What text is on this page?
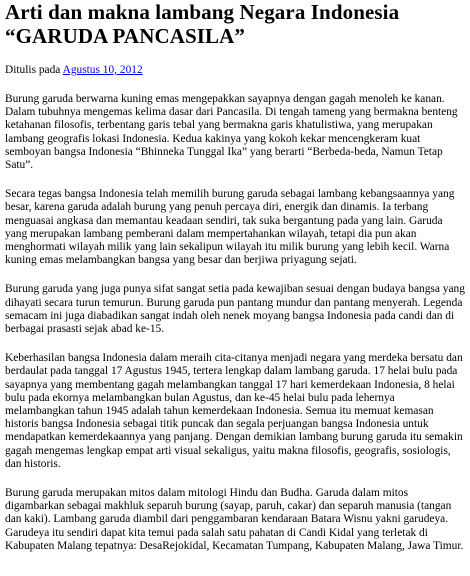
Arti dan makna lambang Negara Indonesia “GARUDA PANCASILA”
Ditulis pada Agustus 10, 2012

Burung garuda berwarna kuning emas mengepakkan sayapnya dengan gagah menoleh ke kanan. Dalam tubuhnya mengemas kelima dasar dari Pancasila. Di tengah tameng yang bermakna benteng ketahanan filosofis, terbentang garis tebal yang bermakna garis khatulistiwa, yang merupakan lambang geografis lokasi Indonesia. Kedua kakinya yang kokoh kekar mencengkeram kuat semboyan bangsa Indonesia “Bhinneka Tunggal Ika” yang berarti “Berbeda-beda, Namun Tetap Satu”.

Secara tegas bangsa Indonesia telah memilih burung garuda sebagai lambang kebangsaannya yang besar, karena garuda adalah burung yang penuh percaya diri, energik dan dinamis. Ia terbang menguasai angkasa dan memantau keadaan sendiri, tak suka bergantung pada yang lain. Garuda yang merupakan lambang pemberani dalam mempertahankan wilayah, tetapi dia pun akan menghormati wilayah milik yang lain sekalipun wilayah itu milik burung yang lebih kecil. Warna kuning emas melambangkan bangsa yang besar dan berjiwa priyagung sejati.

Burung garuda yang juga punya sifat sangat setia pada kewajiban sesuai dengan budaya bangsa yang dihayati secara turun temurun. Burung garuda pun pantang mundur dan pantang menyerah. Legenda semacam ini juga diabadikan sangat indah oleh nenek moyang bangsa Indonesia pada candi dan di berbagai prasasti sejak abad ke-15.

Keberhasilan bangsa Indonesia dalam meraih cita-citanya menjadi negara yang merdeka bersatu dan berdaulat pada tanggal 17 Agustus 1945, tertera lengkap dalam lambang garuda. 17 helai bulu pada sayapnya yang membentang gagah melambangkan tanggal 17 hari kemerdekaan Indonesia, 8 helai bulu pada ekornya melambangkan bulan Agustus, dan ke-45 helai bulu pada lehernya melambangkan tahun 1945 adalah tahun kemerdekaan Indonesia. Semua itu memuat kemasan historis bangsa Indonesia sebagai titik puncak dan segala perjuangan bangsa Indonesia untuk mendapatkan kemerdekaannya yang panjang. Dengan demikian lambang burung garuda itu semakin gagah mengemas lengkap empat arti visual sekaligus, yaitu makna filosofis, geografis, sosiologis, dan historis.

Burung garuda merupakan mitos dalam mitologi Hindu dan Budha. Garuda dalam mitos digambarkan sebagai makhluk separuh burung (sayap, paruh, cakar) dan separuh manusia (tangan dan kaki). Lambang garuda diambil dari penggambaran kendaraan Batara Wisnu yakni garudeya. Garudeya itu sendiri dapat kita temui pada salah satu pahatan di Candi Kidal yang terletak di Kabupaten Malang tepatnya: DesaRejokidal, Kecamatan Tumpang, Kabupaten Malang, Jawa Timur.
